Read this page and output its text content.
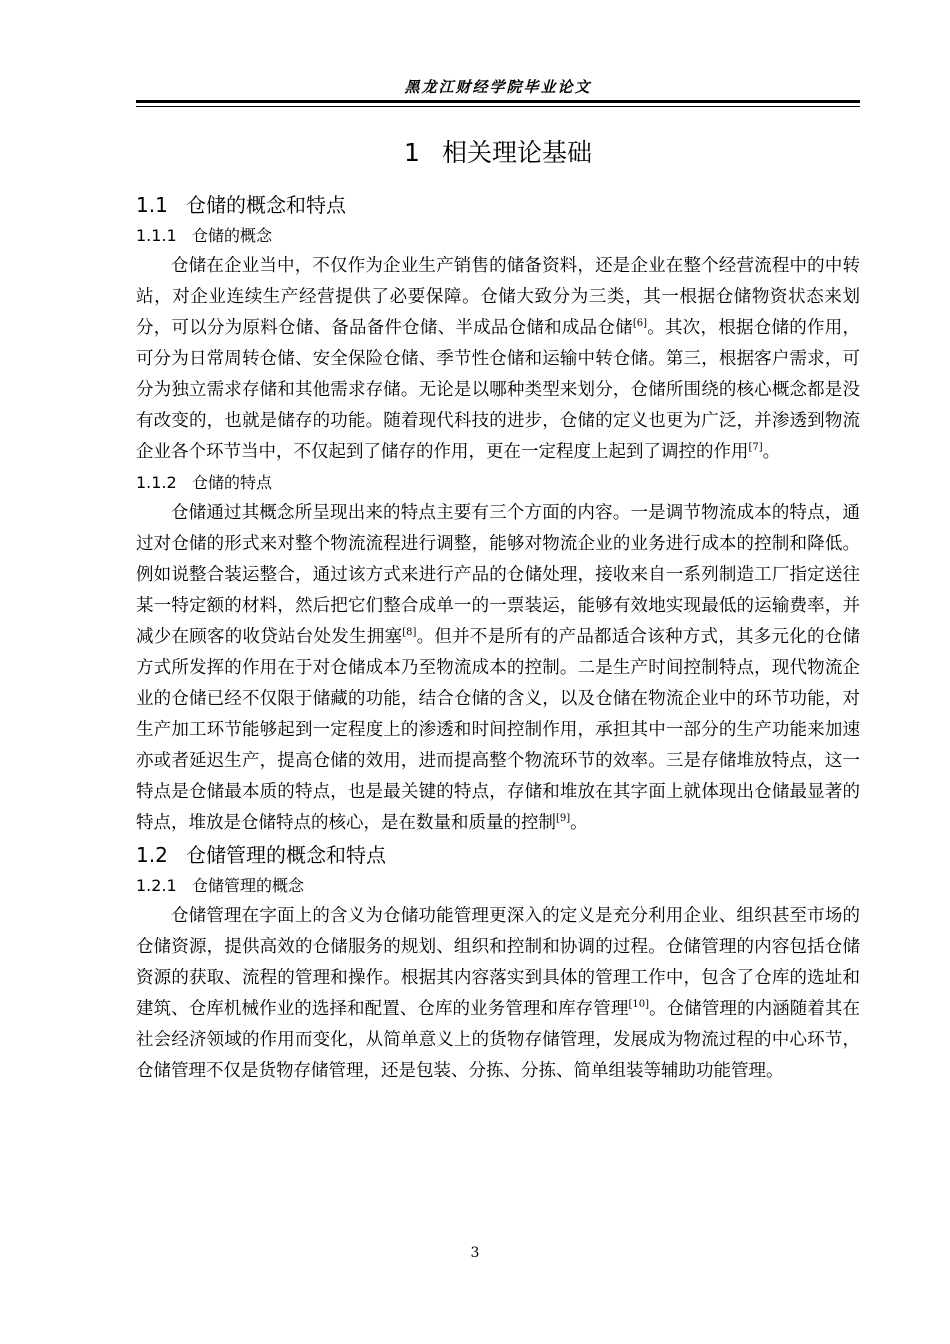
黑龙江财经学院毕业论文
1 相关理论基础
1.1 仓储的概念和特点
1.1.1 仓储的概念

仓储在企业当中，不仅作为企业生产销售的储备资料，还是企业在整个经营流程中的中转站，对企业连续生产经营提供了必要保障。仓储大致分为三类，其一根据仓储物资状态来划分，可以分为原料仓储、备品备件仓储、半成品仓储和成品仓储[6]。其次，根据仓储的作用，可分为日常周转仓储、安全保险仓储、季节性仓储和运输中转仓储。第三，根据客户需求，可分为独立需求存储和其他需求存储。无论是以哪种类型来划分，仓储所围绕的核心概念都是没有改变的，也就是储存的功能。随着现代科技的进步，仓储的定义也更为广泛，并渗透到物流企业各个环节当中，不仅起到了储存的作用，更在一定程度上起到了调控的作用[7]。

1.1.2 仓储的特点

仓储通过其概念所呈现出来的特点主要有三个方面的内容。一是调节物流成本的特点，通过对仓储的形式来对整个物流流程进行调整，能够对物流企业的业务进行成本的控制和降低。例如说整合装运整合，通过该方式来进行产品的仓储处理，接收来自一系列制造工厂指定送往某一特定额的材料，然后把它们整合成单一的一票装运，能够有效地实现最低的运输费率，并减少在顾客的收贷站台处发生拥塞[8]。但并不是所有的产品都适合该种方式，其多元化的仓储方式所发挥的作用在于对仓储成本乃至物流成本的控制。二是生产时间控制特点，现代物流企业的仓储已经不仅限于储藏的功能，结合仓储的含义，以及仓储在物流企业中的环节功能，对生产加工环节能够起到一定程度上的渗透和时间控制作用，承担其中一部分的生产功能来加速亦或者延迟生产，提高仓储的效用，进而提高整个物流环节的效率。三是存储堆放特点，这一特点是仓储最本质的特点，也是最关键的特点，存储和堆放在其字面上就体现出仓储最显著的特点，堆放是仓储特点的核心，是在数量和质量的控制[9]。

1.2 仓储管理的概念和特点
1.2.1 仓储管理的概念

仓储管理在字面上的含义为仓储功能管理更深入的定义是充分利用企业、组织甚至市场的仓储资源，提供高效的仓储服务的规划、组织和控制和协调的过程。仓储管理的内容包括仓储资源的获取、流程的管理和操作。根据其内容落实到具体的管理工作中，包含了仓库的选址和建筑、仓库机械作业的选择和配置、仓库的业务管理和库存管理[10]。仓储管理的内涵随着其在社会经济领域的作用而变化，从简单意义上的货物存储管理，发展成为物流过程的中心环节，仓储管理不仅是货物存储管理，还是包装、分拣、分拣、简单组装等辅助功能管理。

3
